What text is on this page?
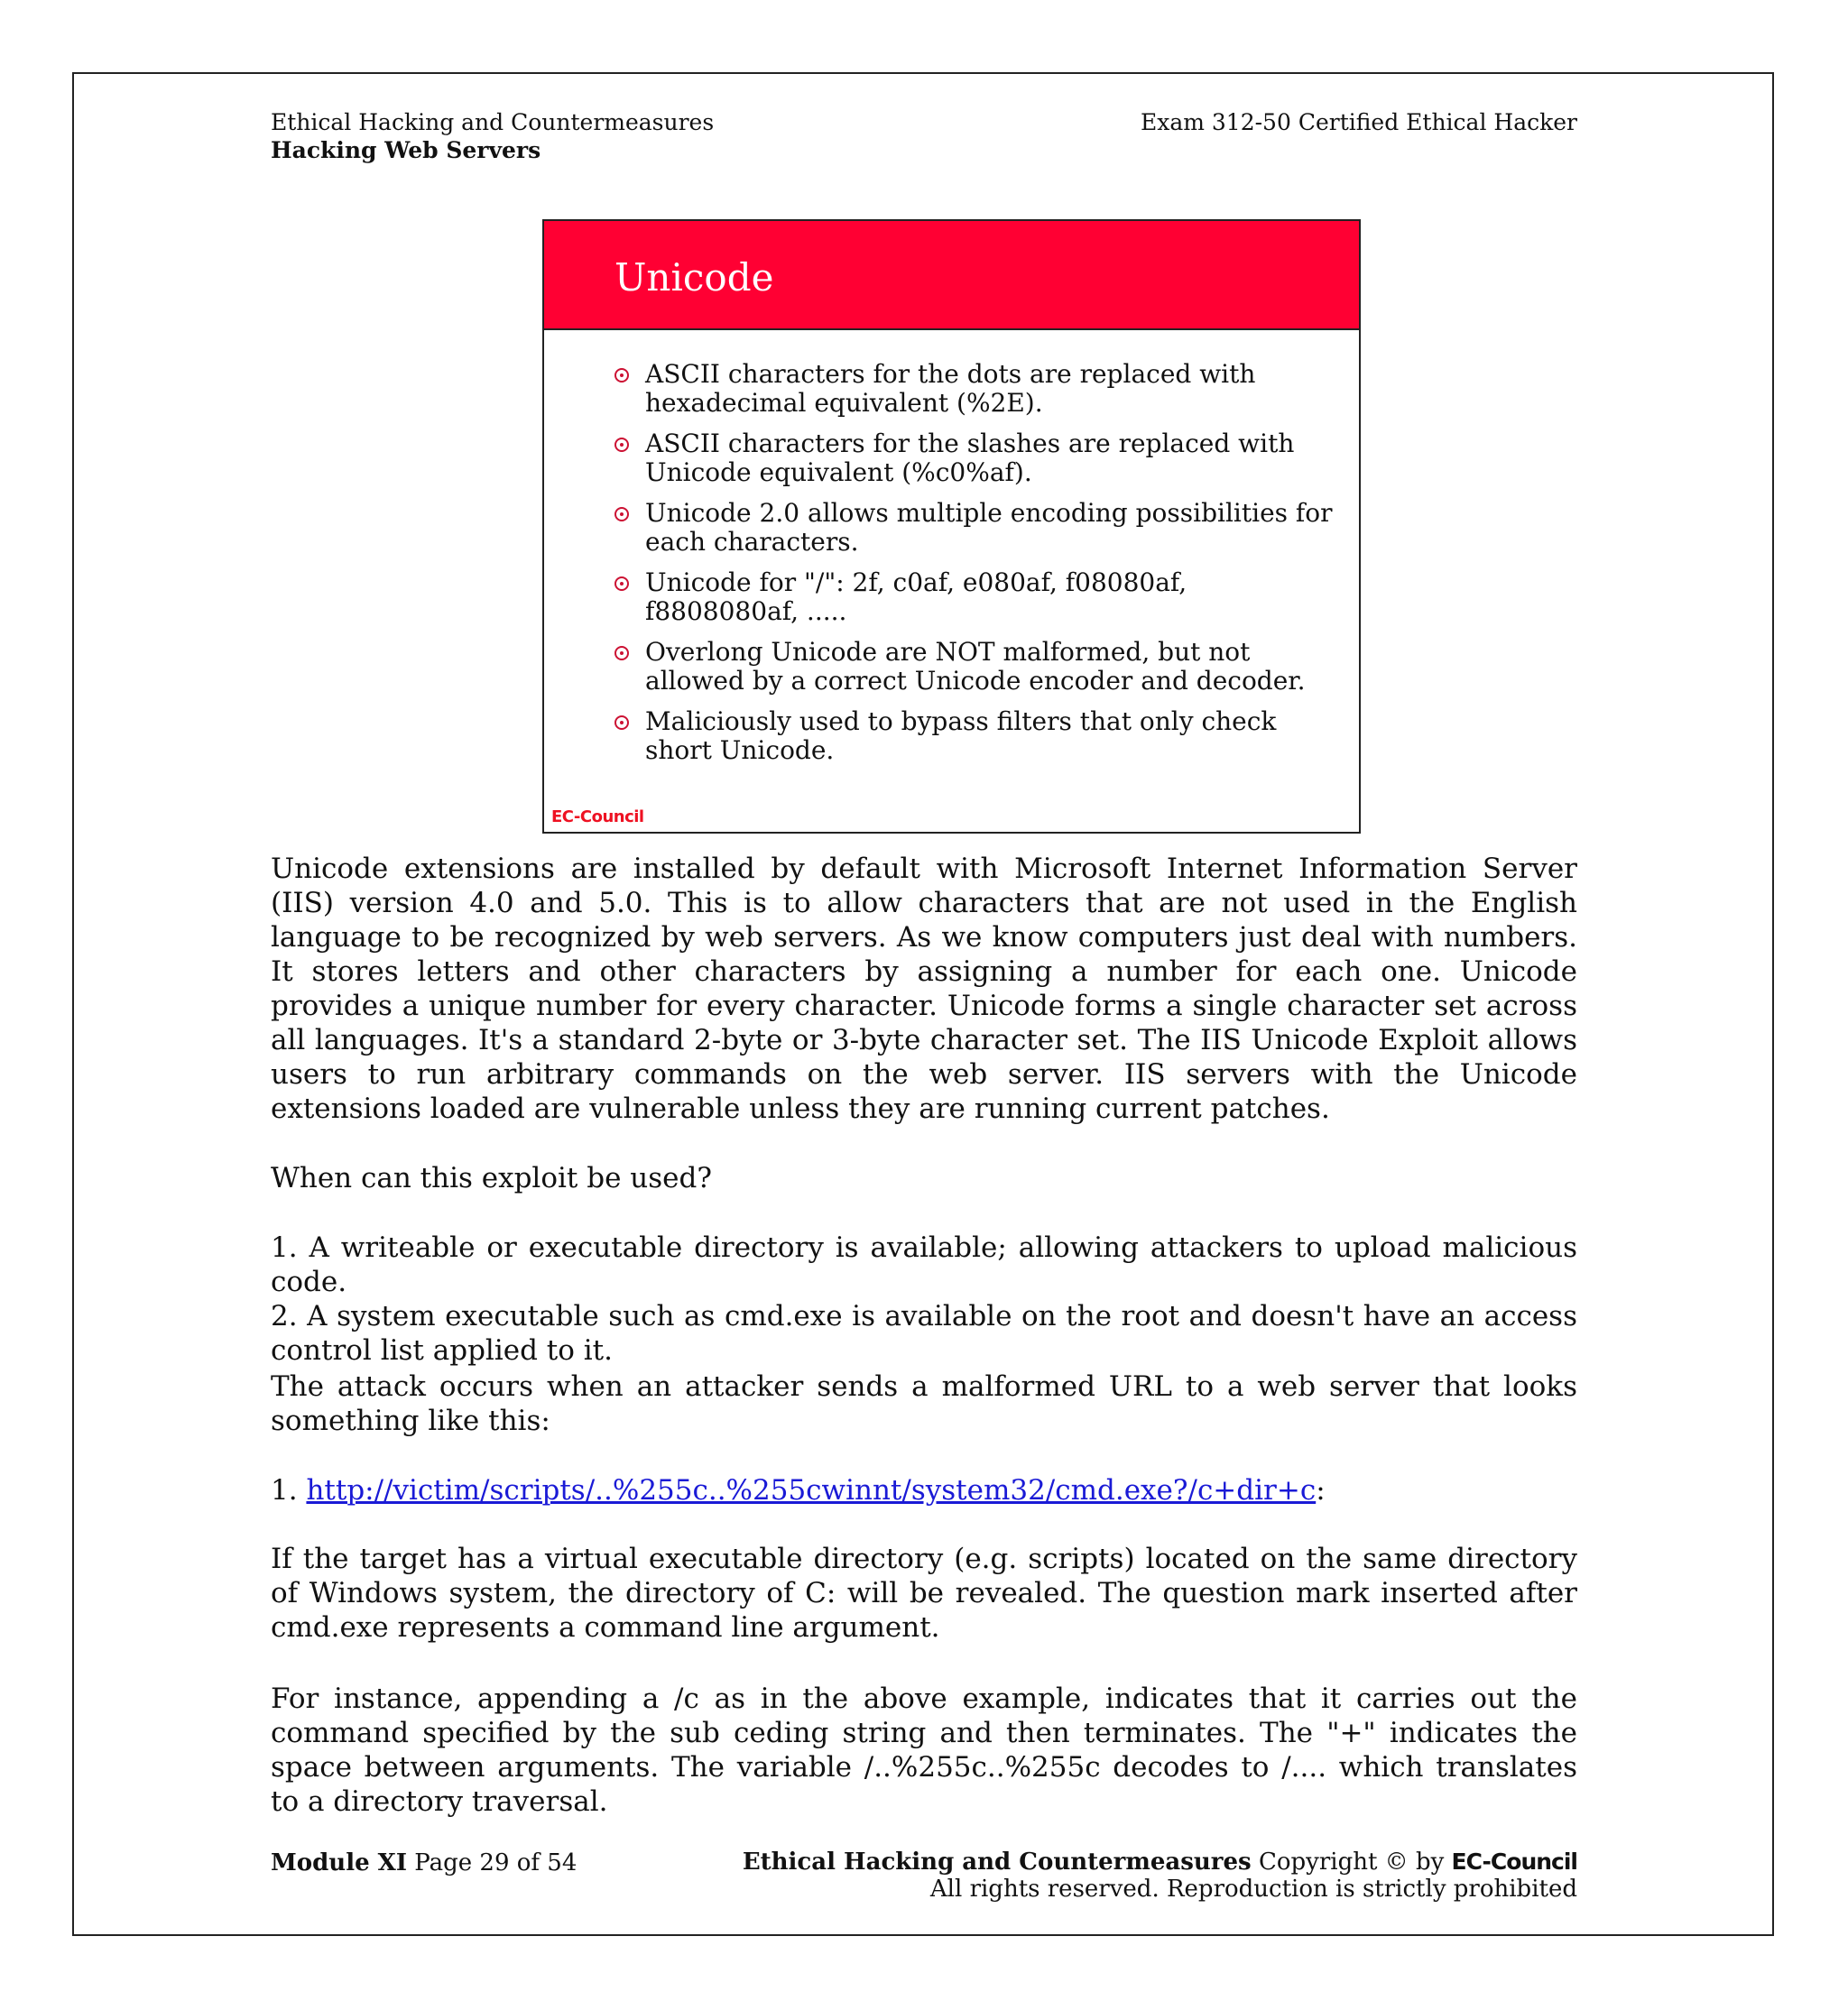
Ethical Hacking and Countermeasures
Hacking Web Servers
Exam 312-50 Certified Ethical Hacker
Unicode
ASCII characters for the dots are replaced with hexadecimal equivalent (%2E).
ASCII characters for the slashes are replaced with Unicode equivalent (%c0%af).
Unicode 2.0 allows multiple encoding possibilities for each characters.
Unicode for "/": 2f, c0af, e080af, f08080af, f8808080af, .....
Overlong Unicode are NOT malformed, but not allowed by a correct Unicode encoder and decoder.
Maliciously used to bypass filters that only check short Unicode.
EC-Council

Unicode extensions are installed by default with Microsoft Internet Information Server (IIS) version 4.0 and 5.0. This is to allow characters that are not used in the English language to be recognized by web servers. As we know computers just deal with numbers. It stores letters and other characters by assigning a number for each one. Unicode provides a unique number for every character. Unicode forms a single character set across all languages. It's a standard 2-byte or 3-byte character set. The IIS Unicode Exploit allows users to run arbitrary commands on the web server. IIS servers with the Unicode extensions loaded are vulnerable unless they are running current patches.

When can this exploit be used?

1. A writeable or executable directory is available; allowing attackers to upload malicious code.

2. A system executable such as cmd.exe is available on the root and doesn't have an access control list applied to it.

The attack occurs when an attacker sends a malformed URL to a web server that looks something like this:

1. http://victim/scripts/..%255c..%255cwinnt/system32/cmd.exe?/c+dir+c:

If the target has a virtual executable directory (e.g. scripts) located on the same directory of Windows system, the directory of C: will be revealed. The question mark inserted after cmd.exe represents a command line argument.

For instance, appending a /c as in the above example, indicates that it carries out the command specified by the sub ceding string and then terminates. The "+" indicates the space between arguments. The variable /..%255c..%255c decodes to /.... which translates to a directory traversal.

Module XI Page 29 of 54	Ethical Hacking and Countermeasures Copyright © by EC-Council
All rights reserved. Reproduction is strictly prohibited
